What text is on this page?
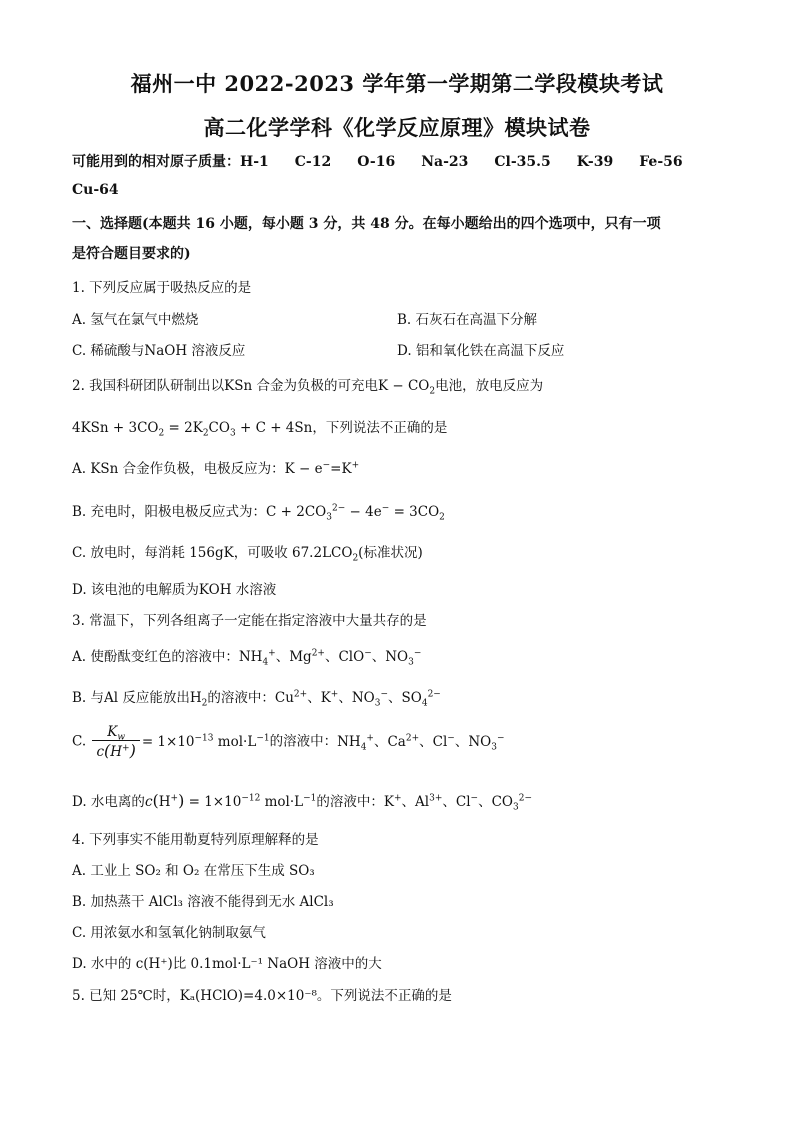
福州一中 2022-2023 学年第一学期第二学段模块考试
高二化学学科《化学反应原理》模块试卷
可能用到的相对原子质量：H-1 C-12 O-16 Na-23 Cl-35.5 K-39 Fe-56
Cu-64
一、选择题(本题共 16 小题，每小题 3 分，共 48 分。在每小题给出的四个选项中，只有一项
是符合题目要求的)
1. 下列反应属于吸热反应的是
A. 氢气在氯气中燃烧	B. 石灰石在高温下分解
C. 稀硫酸与NaOH 溶液反应	D. 铝和氧化铁在高温下反应
2. 我国科研团队研制出以KSn 合金为负极的可充电$K - CO_2$电池，放电反应为
$4KSn + 3CO_2 = 2K_2CO_3 + C + 4Sn$，下列说法不正确的是
A. KSn 合金作负极，电极反应为：K − e−=K+
B. 充电时，阳极电极反应式为：$C + 2CO_3^{2-} - 4e^- = 3CO_2$
C. 放电时，每消耗 156gK，可吸收 $67.2LCO_2$(标准状况)
D. 该电池的电解质为KOH 水溶液
3. 常温下，下列各组离子一定能在指定溶液中大量共存的是
A. 使酚酞变红色的溶液中：$NH_4^+$、$Mg^{2+}$、ClO−、$NO_3^-$
B. 与Al 反应能放出$H_2$的溶液中：$Cu^{2+}$、K+、$NO_3^-$、$SO_4^{2-}$
C. $\frac{K_w}{c(H^+)} = 1\times 10^{-13}$ $mol\cdot L^{-1}$的溶液中：$NH_4^+$、$Ca^{2+}$、Cl−、$NO_3^-$
D. 水电离的$c(H^+) = 1\times 10^{-12}$ $mol\cdot L^{-1}$的溶液中：K+、$Al^{3+}$、Cl−、$CO_3^{2-}$
4. 下列事实不能用勒夏特列原理解释的是
A. 工业上 SO₂ 和 O₂ 在常压下生成 SO₃
B. 加热蒸干 AlCl₃ 溶液不能得到无水 AlCl₃
C. 用浓氨水和氢氧化钠制取氨气
D. 水中的 c(H⁺)比 0.1mol·L⁻¹ NaOH 溶液中的大
5. 已知 25℃时，Kₐ(HClO)=4.0×10⁻⁸。下列说法不正确的是
